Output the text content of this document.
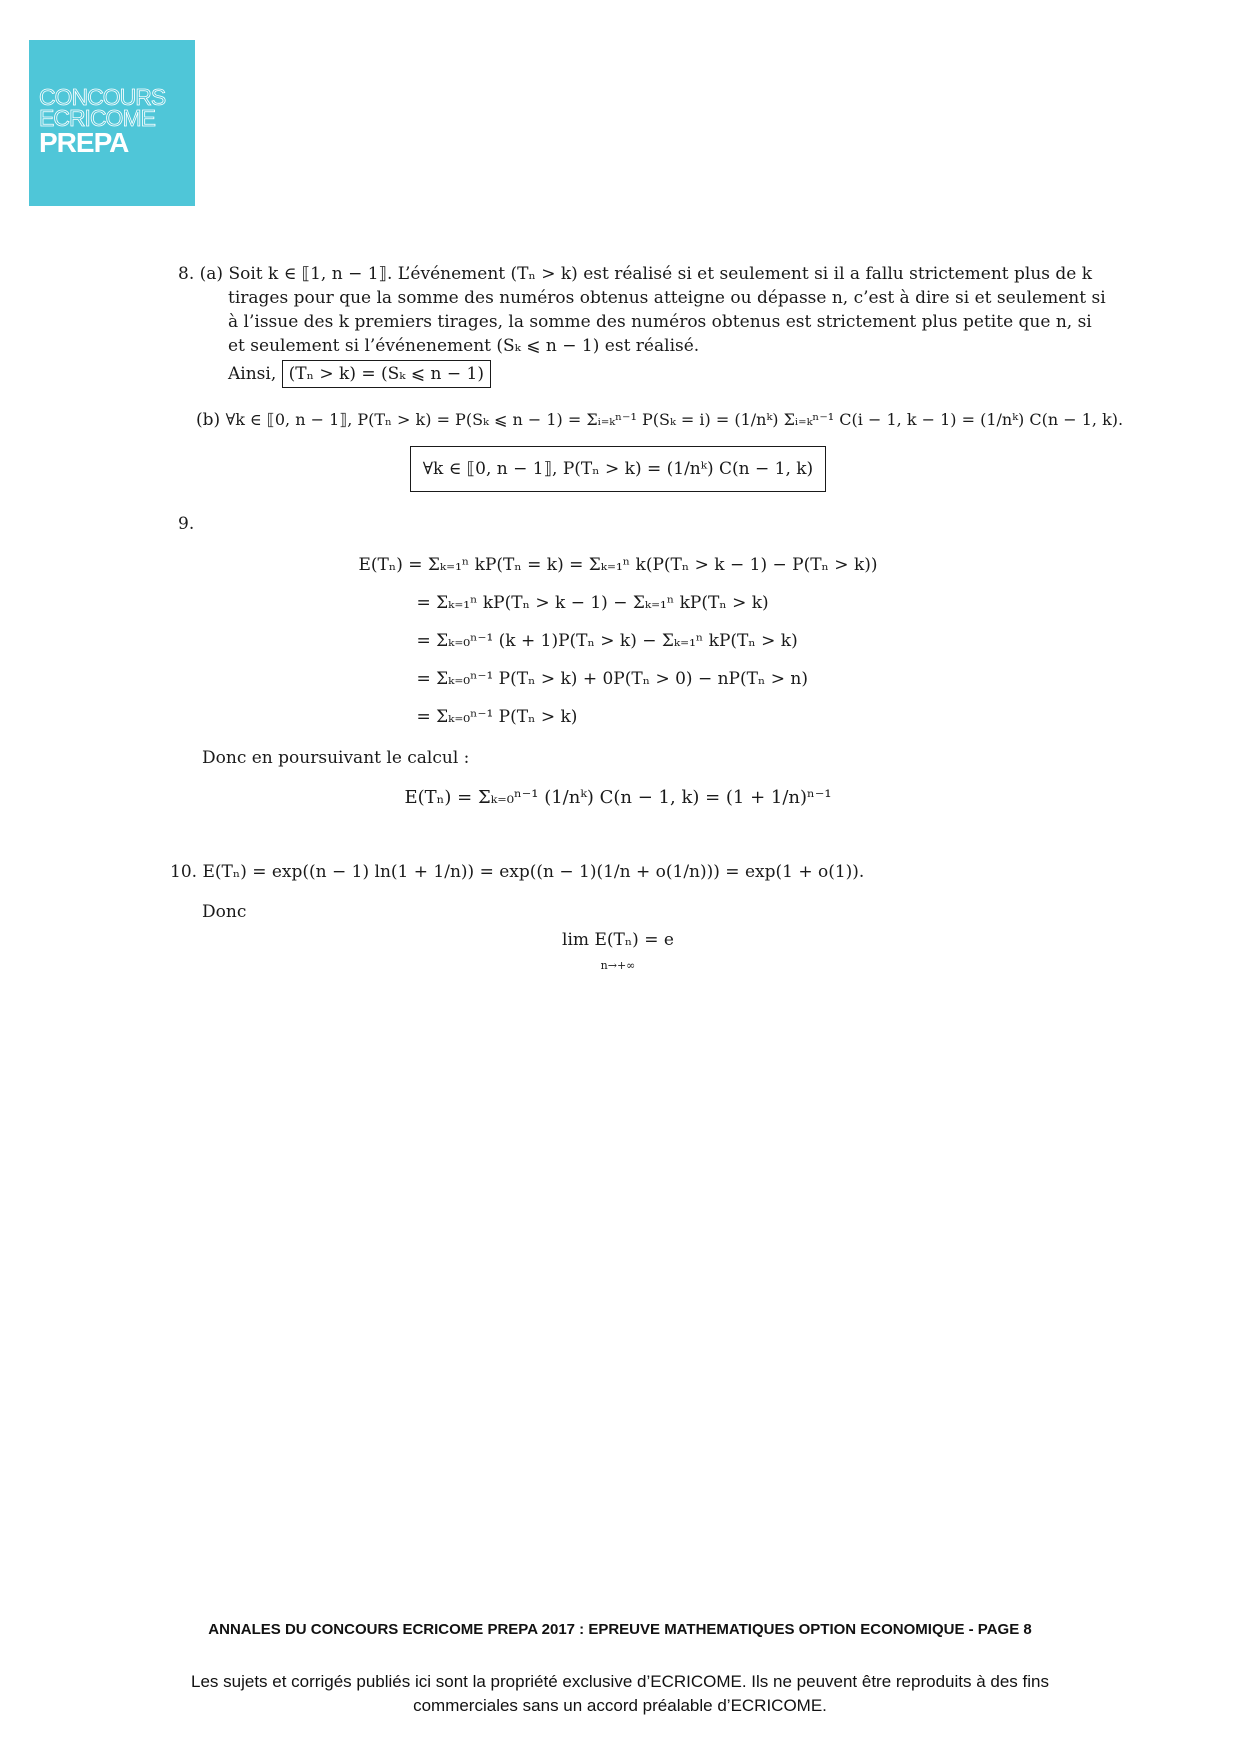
CONCOURS
ECRICOME
PREPA
8. (a) Soit k ∈ ⟦1, n − 1⟧. L’événement (Tₙ > k) est réalisé si et seulement si il a fallu strictement plus de k
tirages pour que la somme des numéros obtenus atteigne ou dépasse n, c’est à dire si et seulement si
à l’issue des k premiers tirages, la somme des numéros obtenus est strictement plus petite que n, si
et seulement si l’événenement (Sₖ ⩽ n − 1) est réalisé.
Ainsi, (Tₙ > k) = (Sₖ ⩽ n − 1)
(b) ∀k ∈ ⟦0, n − 1⟧, P(Tₙ > k) = P(Sₖ ⩽ n − 1) = Σᵢ₌ₖⁿ⁻¹ P(Sₖ = i) = (1/nᵏ) Σᵢ₌ₖⁿ⁻¹ C(i − 1, k − 1) = (1/nᵏ) C(n − 1, k).
∀k ∈ ⟦0, n − 1⟧, P(Tₙ > k) = (1/nᵏ) C(n − 1, k)
9.
E(Tₙ) = Σₖ₌₁ⁿ kP(Tₙ = k) = Σₖ₌₁ⁿ k(P(Tₙ > k − 1) − P(Tₙ > k))
= Σₖ₌₁ⁿ kP(Tₙ > k − 1) − Σₖ₌₁ⁿ kP(Tₙ > k)
= Σₖ₌₀ⁿ⁻¹ (k + 1)P(Tₙ > k) − Σₖ₌₁ⁿ kP(Tₙ > k)
= Σₖ₌₀ⁿ⁻¹ P(Tₙ > k) + 0P(Tₙ > 0) − nP(Tₙ > n)
= Σₖ₌₀ⁿ⁻¹ P(Tₙ > k)
Donc en poursuivant le calcul :
E(Tₙ) = Σₖ₌₀ⁿ⁻¹ (1/nᵏ) C(n − 1, k) = (1 + 1/n)ⁿ⁻¹
10. E(Tₙ) = exp((n − 1) ln(1 + 1/n)) = exp((n − 1)(1/n + o(1/n))) = exp(1 + o(1)).
Donc
lim E(Tₙ) = e
n→+∞
ANNALES DU CONCOURS ECRICOME PREPA 2017 : EPREUVE MATHEMATIQUES OPTION ECONOMIQUE - PAGE 8
Les sujets et corrigés publiés ici sont la propriété exclusive d’ECRICOME. Ils ne peuvent être reproduits à des fins commerciales sans un accord préalable d’ECRICOME.
